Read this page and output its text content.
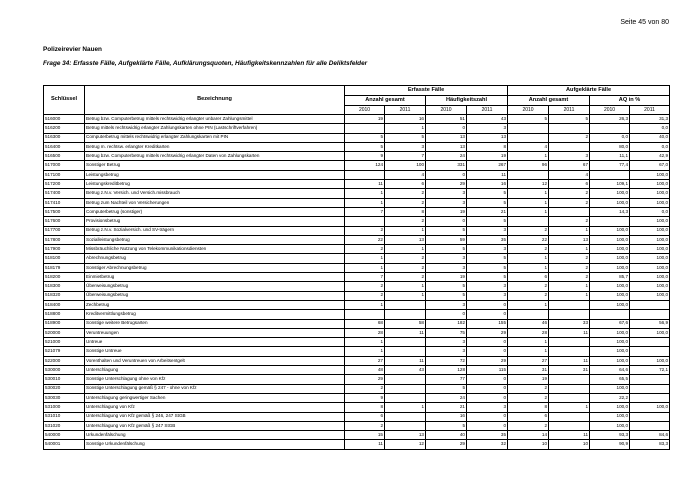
Seite 45 von 80
Polizeirevier Nauen
Frage 34: Erfasste Fälle, Aufgeklärte Fälle, Aufklärungsquoten, Häufigkeitskennzahlen für alle Deliktsfelder
Schlüssel	Bezeichnung	Erfasste Fälle				Aufgeklärte Fälle			
		Anzahl gesamt		Häufigkeitszahl		Anzahl gesamt		AQ in %	
		2010	2011	2010	2011	2010	2011	2010	2011
516000	Betrug bzw. Computerbetrug mittels rechtswidrig erlangter unbarer Zahlungsmittel	19	16	51	43	5	5	26,3	31,3
516200	Betrug mittels rechtswidrig erlangter Zahlungskarten ohne PIN (Lastschriftverfahren)		1	0	3				0,0
516300	Computerbetrug mittels rechtswidrig erlangter Zahlungskarten mit PIN	5	5	13	13		2	0,0	40,0
516400	Betrug m. rechtsw. erlangter Kreditkarten	5	3	13	8	4		80,0	0,0
516500	Betrug bzw. Computerbetrug mittels rechtswidrig erlangter Daten von Zahlungskarten	9	7	24	19	1	3	11,1	42,9
517000	Sonstiger Betrug	124	100	331	267	96	67	77,4	67,0
517100	Leistungsbetrug		4	0	11		4		100,0
517200	Leistungskreditbetrug	11	6	29	16	12	6	109,1	100,0
517400	Betrug z.N.v. Versich. und Versich.missbrauch	1	2	3	5	1	2	100,0	100,0
517410	Betrug zum Nachteil von Versicherungen	1	2	3	5	1	2	100,0	100,0
517500	Computerbetrug (sonstiger)	7	8	19	21	1		14,3	0,0
517600	Provisionsbetrug		2	0	5		2		100,0
517700	Betrug z.N.v. Sozialversich. und SV-trägern	2	1	5	3	2	1	100,0	100,0
517800	Sozialleistungsbetrug	22	13	59	35	22	13	100,0	100,0
517900	Missbräuchliche Nutzung von Telekommunikationsdiensten	2	1	5	3	2	1	100,0	100,0
518100	Abrechnungsbetrug	1	2	3	5	1	2	100,0	100,0
518179	Sonstiger Abrechnungsbetrug	1	2	3	5	1	2	100,0	100,0
518200	Einmietbetrug	7	2	19	5	6	2	85,7	100,0
518300	Überweisungsbetrug	2	1	5	3	2	1	100,0	100,0
518320	Überweisungsbetrug	2	1	5	3	2	1	100,0	100,0
518400	Zechbetrug	1		3	0	1		100,0	
518800	Kreditvermittlungsbetrug			0	0				
518900	Sonstige weitere Betrugsarten	68	58	182	155	46	33	67,6	56,9
520000	Veruntreuungen	28	11	75	29	28	11	100,0	100,0
521000	Untreue	1		3	0	1		100,0	
521079	Sonstige Untreue	1		3	0	1		100,0	
522000	Vorenthalten und Veruntreuen von Arbeitsentgelt	27	11	72	29	27	11	100,0	100,0
530000	Unterschlagung	48	43	128	115	31	31	64,6	72,1
530010	Sonstige Unterschlagung ohne von Kfz	29		77	0	19		65,5	
530020	Sonstige Unterschlagung gemäß § 247 - ohne von Kfz	2		5	0	2		100,0	
530030	Unterschlagung geringwertiger Sachen	9		24	0	2		22,2	
531000	Unterschlagung von Kfz	8	1	21	3	8	1	100,0	100,0
531010	Unterschlagung von Kfz gemäß § 246, 247 StGB	6		16	0	6		100,0	
531020	Unterschlagung von Kfz gemäß § 247 StGB	2		5	0	2		100,0	
540000	Urkundenfälschung	15	13	40	35	14	11	93,3	84,6
540001	Sonstige Urkundenfälschung	11	12	29	32	10	10	90,9	83,3
